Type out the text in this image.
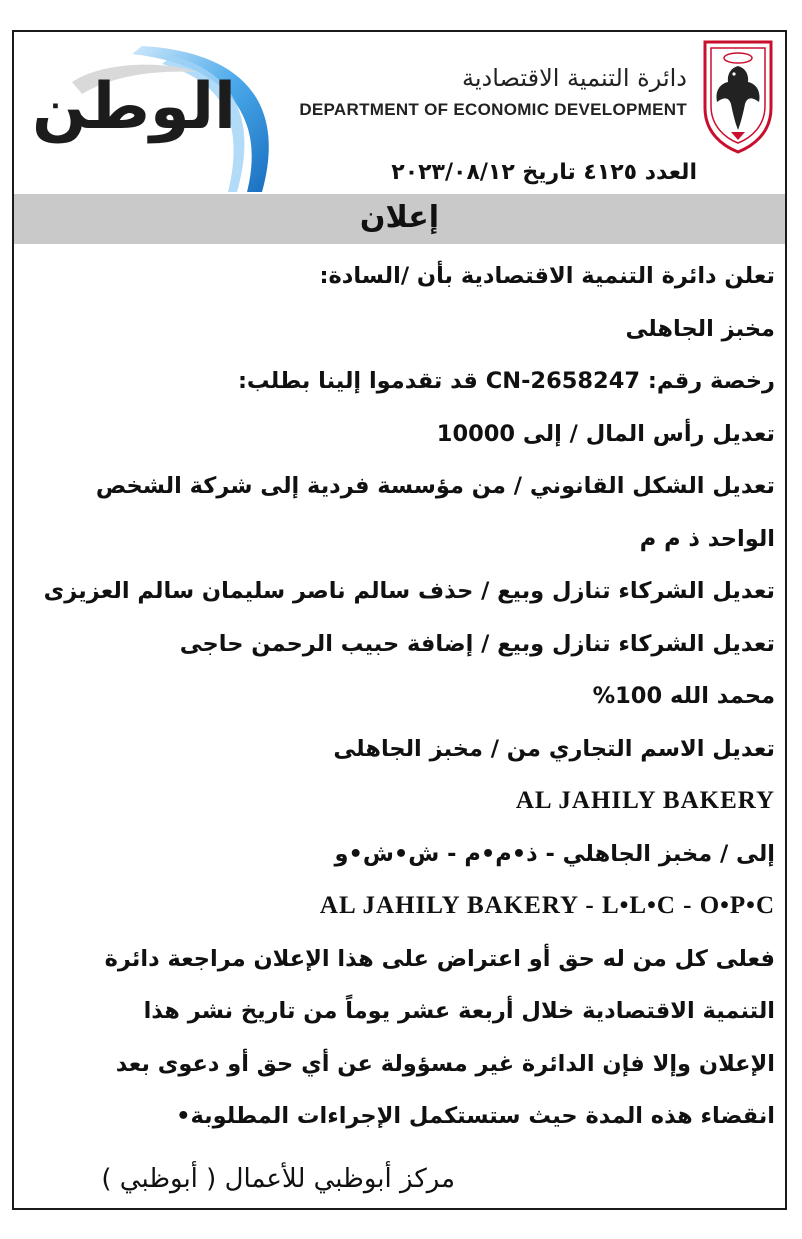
الوطن	دائرة التنمية الاقتصادية
DEPARTMENT OF ECONOMIC DEVELOPMENT
العدد ٤١٢٥ تاريخ ٢٠٢٣/٠٨/١٢
إعلان
تعلن دائرة التنمية الاقتصادية بأن /السادة:
مخبز الجاهلى
رخصة رقم: CN-2658247 قد تقدموا إلينا بطلب:
تعديل رأس المال / إلى 10000
تعديل الشكل القانوني / من مؤسسة فردية إلى شركة الشخص
الواحد ذ م م
تعديل الشركاء تنازل وبيع / حذف سالم ناصر سليمان سالم العزيزى
تعديل الشركاء تنازل وبيع / إضافة حبيب الرحمن حاجى
محمد الله 100%
تعديل الاسم التجاري من / مخبز الجاهلى
AL JAHILY BAKERY
إلى / مخبز الجاهلي - ذ•م•م - ش•ش•و
AL JAHILY BAKERY - L•L•C - O•P•C
فعلى كل من له حق أو اعتراض على هذا الإعلان مراجعة دائرة
التنمية الاقتصادية خلال أربعة عشر يوماً من تاريخ نشر هذا
الإعلان وإلا فإن الدائرة غير مسؤولة عن أي حق أو دعوى بعد
انقضاء هذه المدة حيث ستستكمل الإجراءات المطلوبة•
مركز أبوظبي للأعمال ( أبوظبي )
